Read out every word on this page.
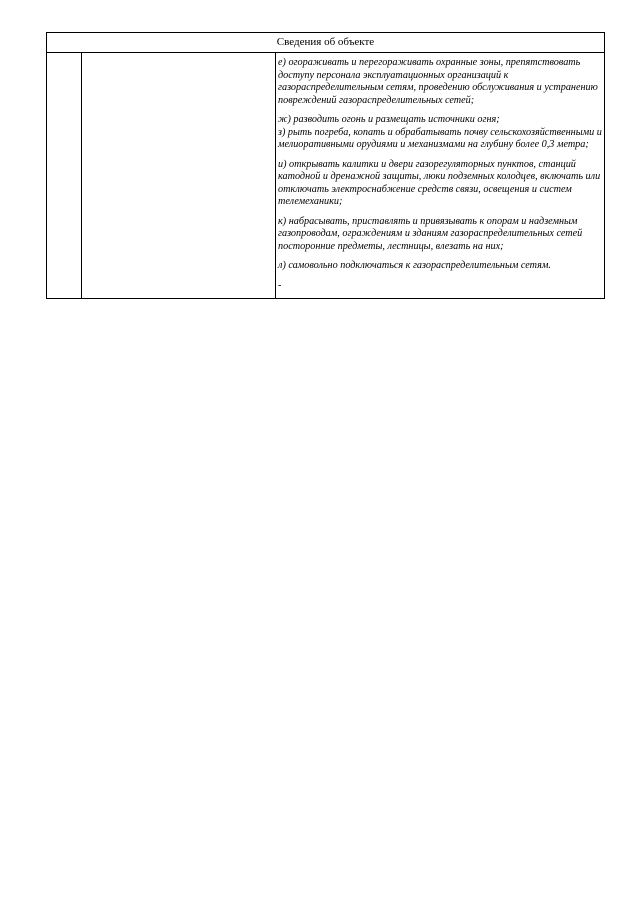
Сведения об объекте

е) огораживать и перегораживать охранные зоны, препятствовать доступу персонала эксплуатационных организаций к газораспределительным сетям, проведению обслуживания и устранению повреждений газораспределительных сетей;

ж) разводить огонь и размещать источники огня;

з) рыть погреба, копать и обрабатывать почву сельскохозяйственными и мелиоративными орудиями и механизмами на глубину более 0,3 метра;

и) открывать калитки и двери газорегуляторных пунктов, станций катодной и дренажной защиты, люки подземных колодцев, включать или отключать электроснабжение средств связи, освещения и систем телемеханики;

к) набрасывать, приставлять и привязывать к опорам и надземным газопроводам, ограждениям и зданиям газораспределительных сетей посторонние предметы, лестницы, влезать на них;

л) самовольно подключаться к газораспределительным сетям.

-
